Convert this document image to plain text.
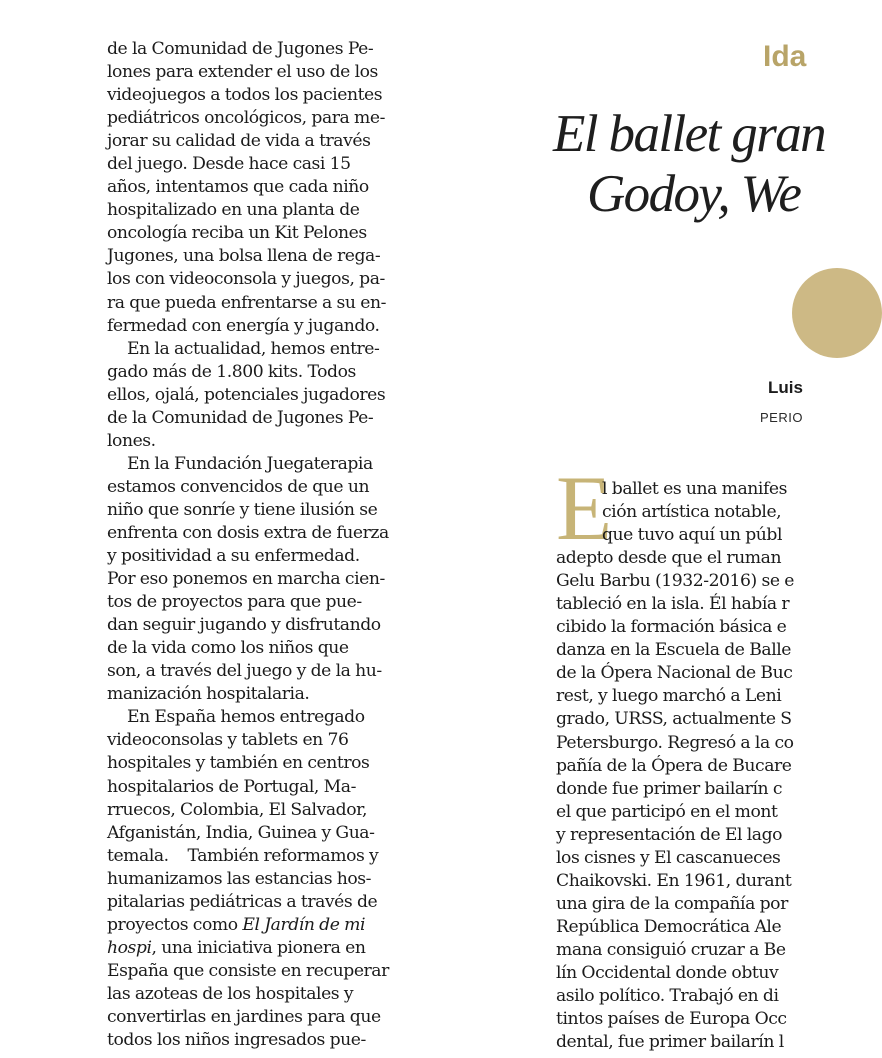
de la Comunidad de Jugones Pe-
lones para extender el uso de los
videojuegos a todos los pacientes
pediátricos oncológicos, para me-
jorar su calidad de vida a través
del juego. Desde hace casi 15
años, intentamos que cada niño
hospitalizado en una planta de
oncología reciba un Kit Pelones
Jugones, una bolsa llena de rega-
los con videoconsola y juegos, pa-
ra que pueda enfrentarse a su en-
fermedad con energía y jugando.
En la actualidad, hemos entre-
gado más de 1.800 kits. Todos
ellos, ojalá, potenciales jugadores
de la Comunidad de Jugones Pe-
lones.
En la Fundación Juegaterapia
estamos convencidos de que un
niño que sonríe y tiene ilusión se
enfrenta con dosis extra de fuerza
y positividad a su enfermedad.
Por eso ponemos en marcha cien-
tos de proyectos para que pue-
dan seguir jugando y disfrutando
de la vida como los niños que
son, a través del juego y de la hu-
manización hospitalaria.
En España hemos entregado
videoconsolas y tablets en 76
hospitales y también en centros
hospitalarios de Portugal, Ma-
rruecos, Colombia, El Salvador,
Afganistán, India, Guinea y Gua-
temala.    También reformamos y
humanizamos las estancias hos-
pitalarias pediátricas a través de
proyectos como El Jardín de mi
hospi, una iniciativa pionera en
España que consiste en recuperar
las azoteas de los hospitales y
convertirlas en jardines para que
todos los niños ingresados pue-
Ida
El ballet gran
Godoy, We
Luis
PERIO
E
l ballet es una manifes
ción artística notable,
que tuvo aquí un públ
adepto desde que el ruman
Gelu Barbu (1932-2016) se e
tableció en la isla. Él había r
cibido la formación básica e
danza en la Escuela de Balle
de la Ópera Nacional de Buc
rest, y luego marchó a Leni
grado, URSS, actualmente S
Petersburgo. Regresó a la co
pañía de la Ópera de Bucare
donde fue primer bailarín c
el que participó en el mont
y representación de El lago
los cisnes y El cascanueces
Chaikovski. En 1961, durant
una gira de la compañía por
República Democrática Ale
mana consiguió cruzar a Be
lín Occidental donde obtuv
asilo político. Trabajó en di
tintos países de Europa Occ
dental, fue primer bailarín l
